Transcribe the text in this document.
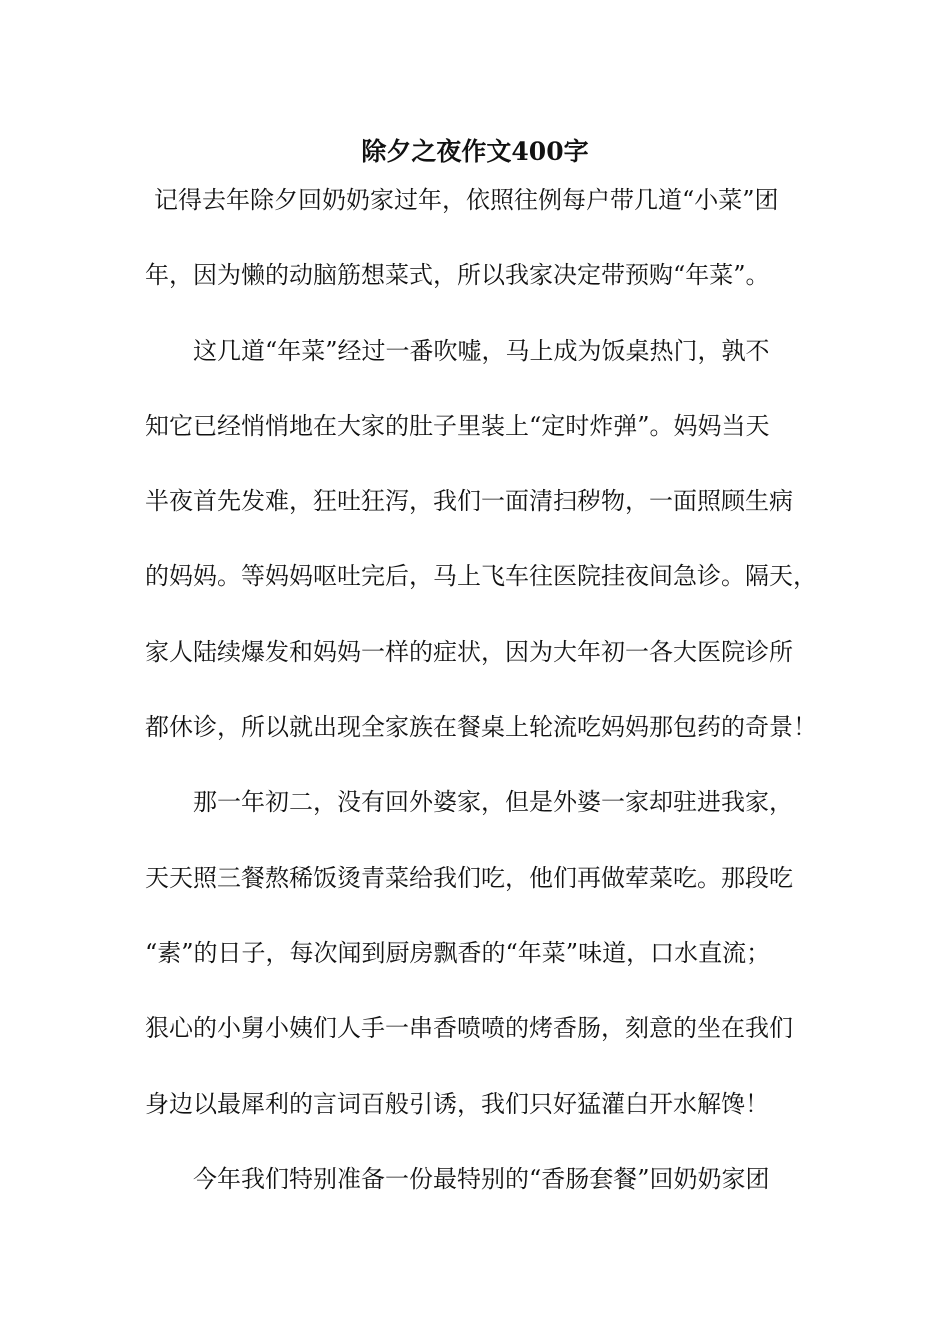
除夕之夜作文400字
记得去年除夕回奶奶家过年，依照往例每户带几道“小菜”团
年，因为懒的动脑筋想菜式，所以我家决定带预购“年菜”。
这几道“年菜”经过一番吹嘘，马上成为饭桌热门，孰不
知它已经悄悄地在大家的肚子里装上“定时炸弹”。妈妈当天
半夜首先发难，狂吐狂泻，我们一面清扫秽物，一面照顾生病
的妈妈。等妈妈呕吐完后，马上飞车往医院挂夜间急诊。隔天，
家人陆续爆发和妈妈一样的症状，因为大年初一各大医院诊所
都休诊，所以就出现全家族在餐桌上轮流吃妈妈那包药的奇景！
那一年初二，没有回外婆家，但是外婆一家却驻进我家，
天天照三餐熬稀饭烫青菜给我们吃，他们再做荤菜吃。那段吃
“素”的日子，每次闻到厨房飘香的“年菜”味道，口水直流；
狠心的小舅小姨们人手一串香喷喷的烤香肠，刻意的坐在我们
身边以最犀利的言词百般引诱，我们只好猛灌白开水解馋！
今年我们特别准备一份最特别的“香肠套餐”回奶奶家团
